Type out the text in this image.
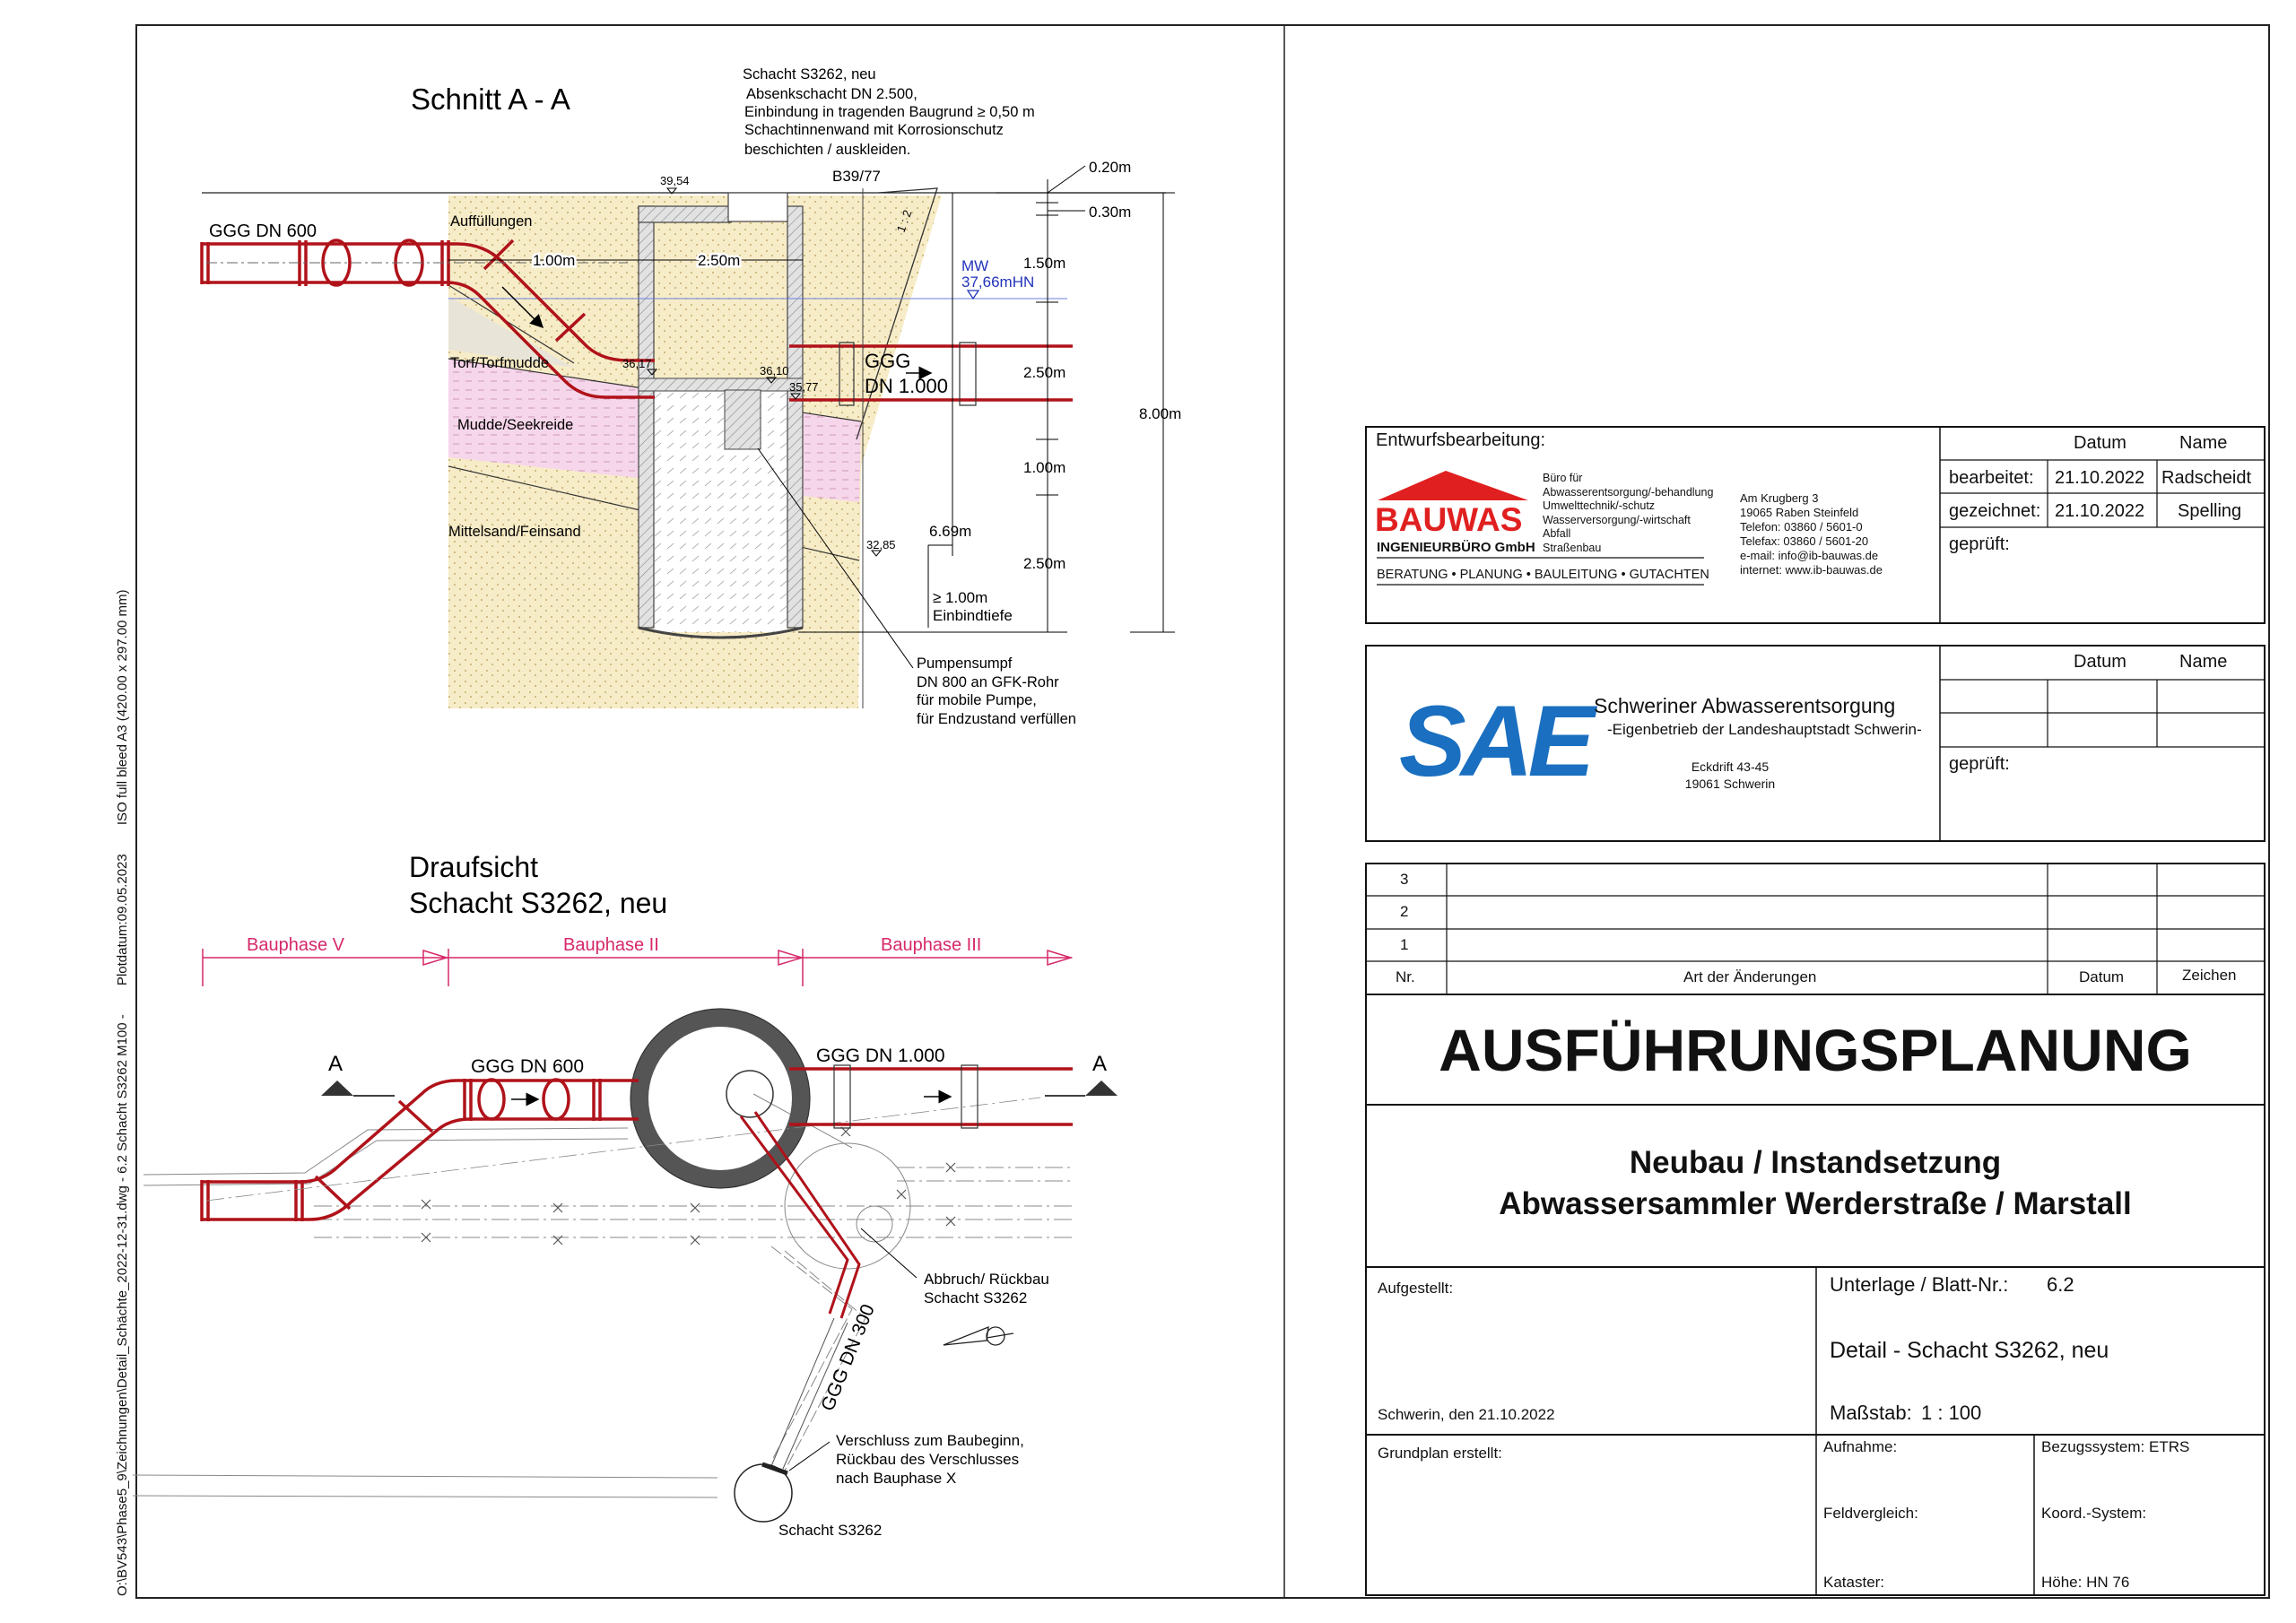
O:\BV543\Phase5_9\Zeichnungen\Detail_Schächte_2022-12-31.dwg - 6.2 Schacht S3262 M100 - Plotdatum:09.05.2023 ISO full bleed A3 (420.00 x 297.00 mm)
Schnitt A - A
Schacht S3262, neu
Absenkschacht DN 2.500,
Einbindung in tragenden Baugrund ≥ 0,50 m
Schachtinnenwand mit Korrosionschutz
beschichten / auskleiden.
MW
37,66mHN
GGG DN 600
GGG
DN 1.000
Auffüllungen
Torf/Torfmudde
Mudde/Seekreide
Mittelsand/Feinsand
39,54
36,17
36,10
35,77
32,85
B39/77
1 : 2
1.00m	2.50m
6.69m
≥ 1.00m
Einbindtiefe
0.20m
0.30m
1.50m
2.50m
1.00m
2.50m
8.00m
Pumpensumpf
DN 800 an GFK-Rohr
für mobile Pumpe,
für Endzustand verfüllen
Draufsicht
Schacht S3262, neu
Bauphase V	Bauphase II	Bauphase III
A	A
GGG DN 600
GGG DN 1.000
GGG DN 300
Abbruch/ Rückbau
Schacht S3262
Verschluss zum Baubeginn,
Rückbau des Verschlusses
nach Bauphase X
Schacht S3262
BAUWAS
INGENIEURBÜRO GmbH
BERATUNG • PLANUNG • BAULEITUNG • GUTACHTEN
Entwurfsbearbeitung:
Büro für
Abwasserentsorgung/-behandlung
Umwelttechnik/-schutz
Wasserversorgung/-wirtschaft
Abfall
Straßenbau
Am Krugberg 3
19065 Raben Steinfeld
Telefon: 03860 / 5601-0
Telefax: 03860 / 5601-20
e-mail: info@ib-bauwas.de
internet: www.ib-bauwas.de
Datum	Name
bearbeitet: 21.10.2022 Radscheidt
gezeichnet: 21.10.2022 Spelling
geprüft:
SAE Schweriner Abwasserentsorgung
-Eigenbetrieb der Landeshauptstadt Schwerin-
Eckdrift 43-45
19061 Schwerin
Datum	Name
geprüft:
3
2
1
Nr.	Art der Änderungen	Datum	Zeichen
AUSFÜHRUNGSPLANUNG
Neubau / Instandsetzung
Abwassersammler Werderstraße / Marstall
Aufgestellt:
Schwerin, den 21.10.2022
Unterlage / Blatt-Nr.: 6.2
Detail - Schacht S3262, neu
Maßstab: 1 : 100
Grundplan erstellt:	Aufnahme:
Feldvergleich:
Kataster:
Bezugssystem: ETRS
Koord.-System:
Höhe: HN 76
